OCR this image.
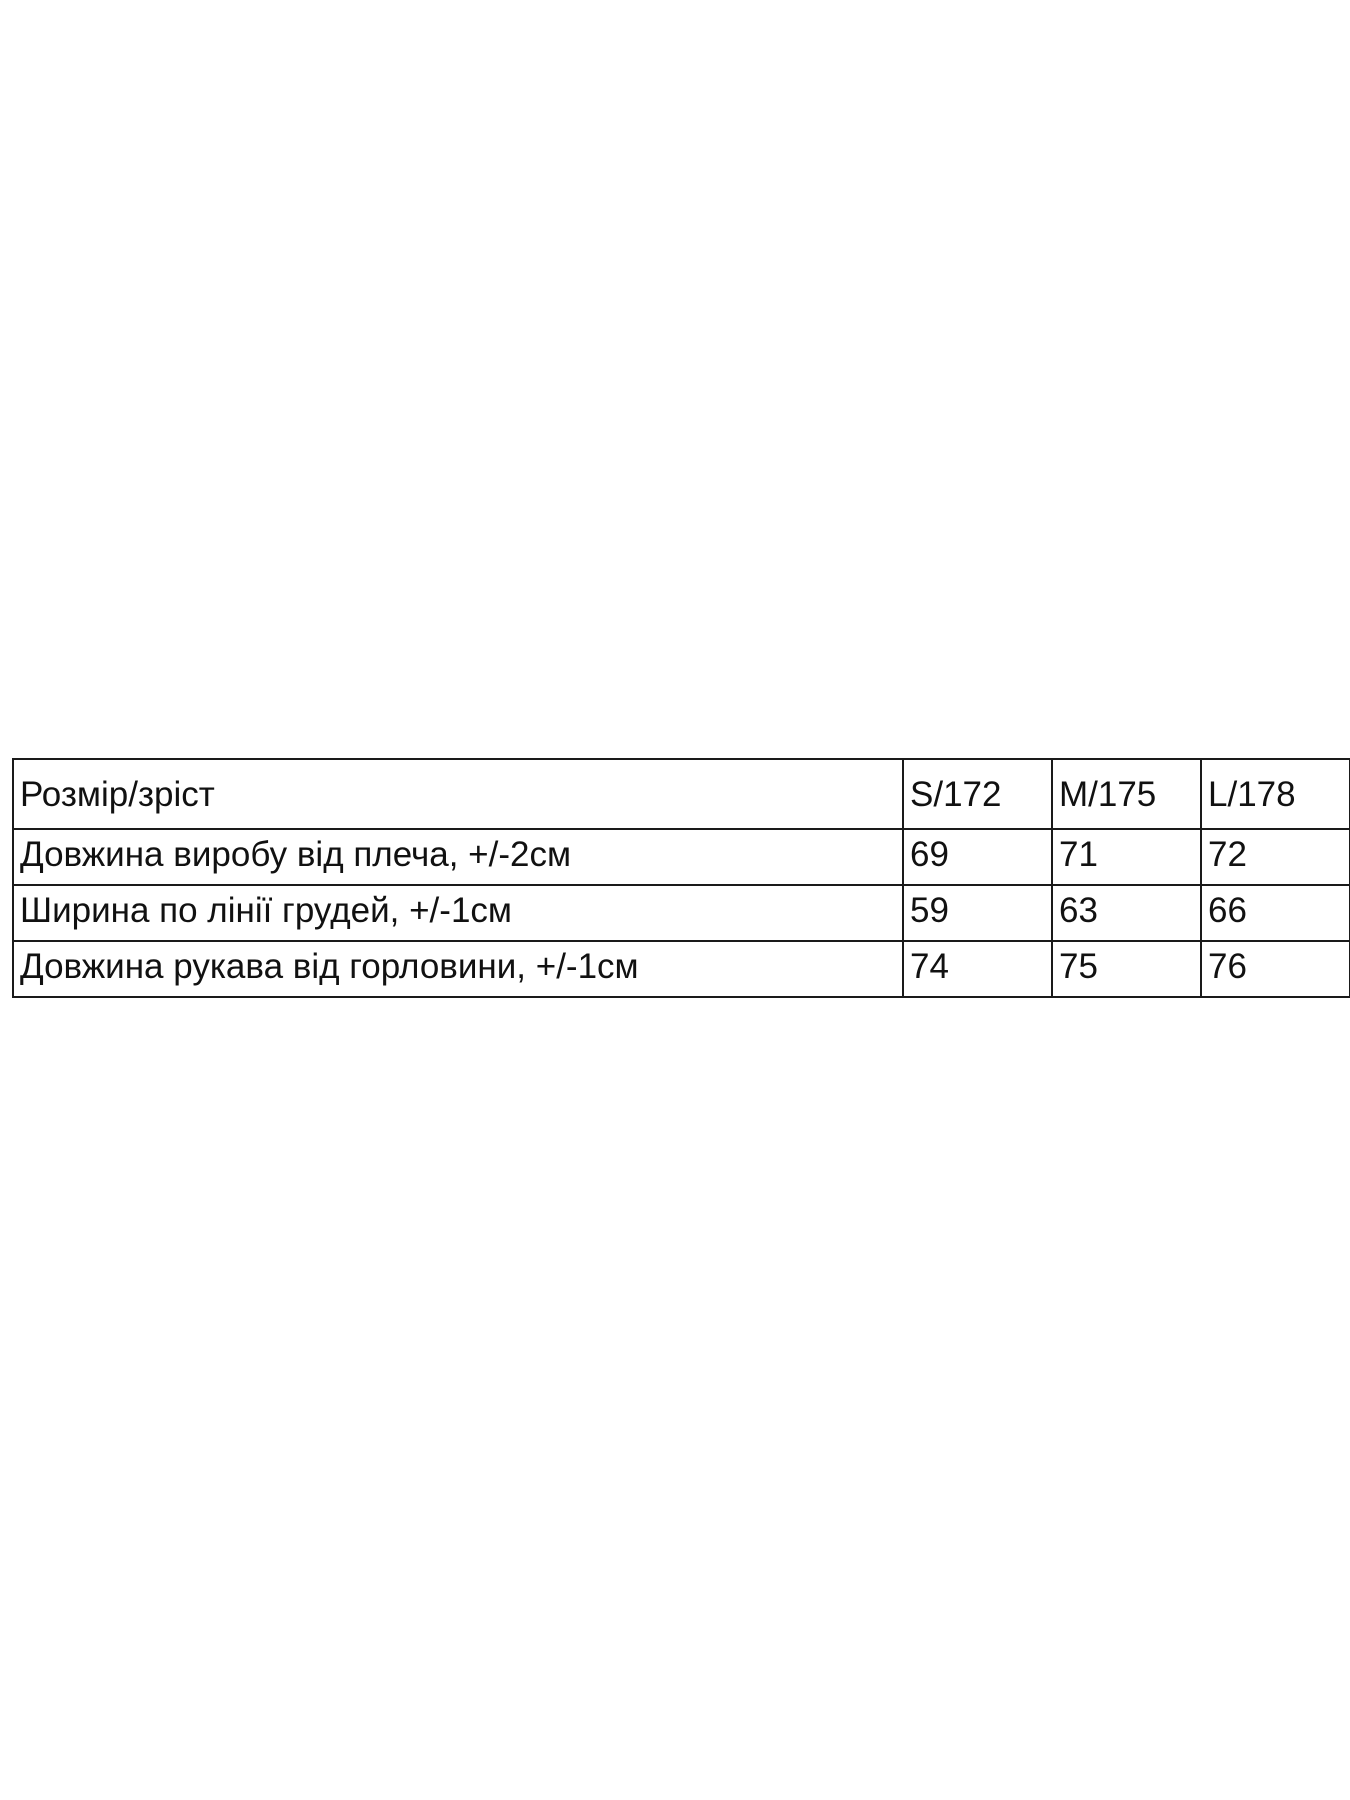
Розмір/зріст	S/172	M/175	L/178
Довжина виробу від плеча, +/-2см	69	71	72
Ширина по лінії грудей, +/-1см	59	63	66
Довжина рукава від горловини, +/-1см	74	75	76
